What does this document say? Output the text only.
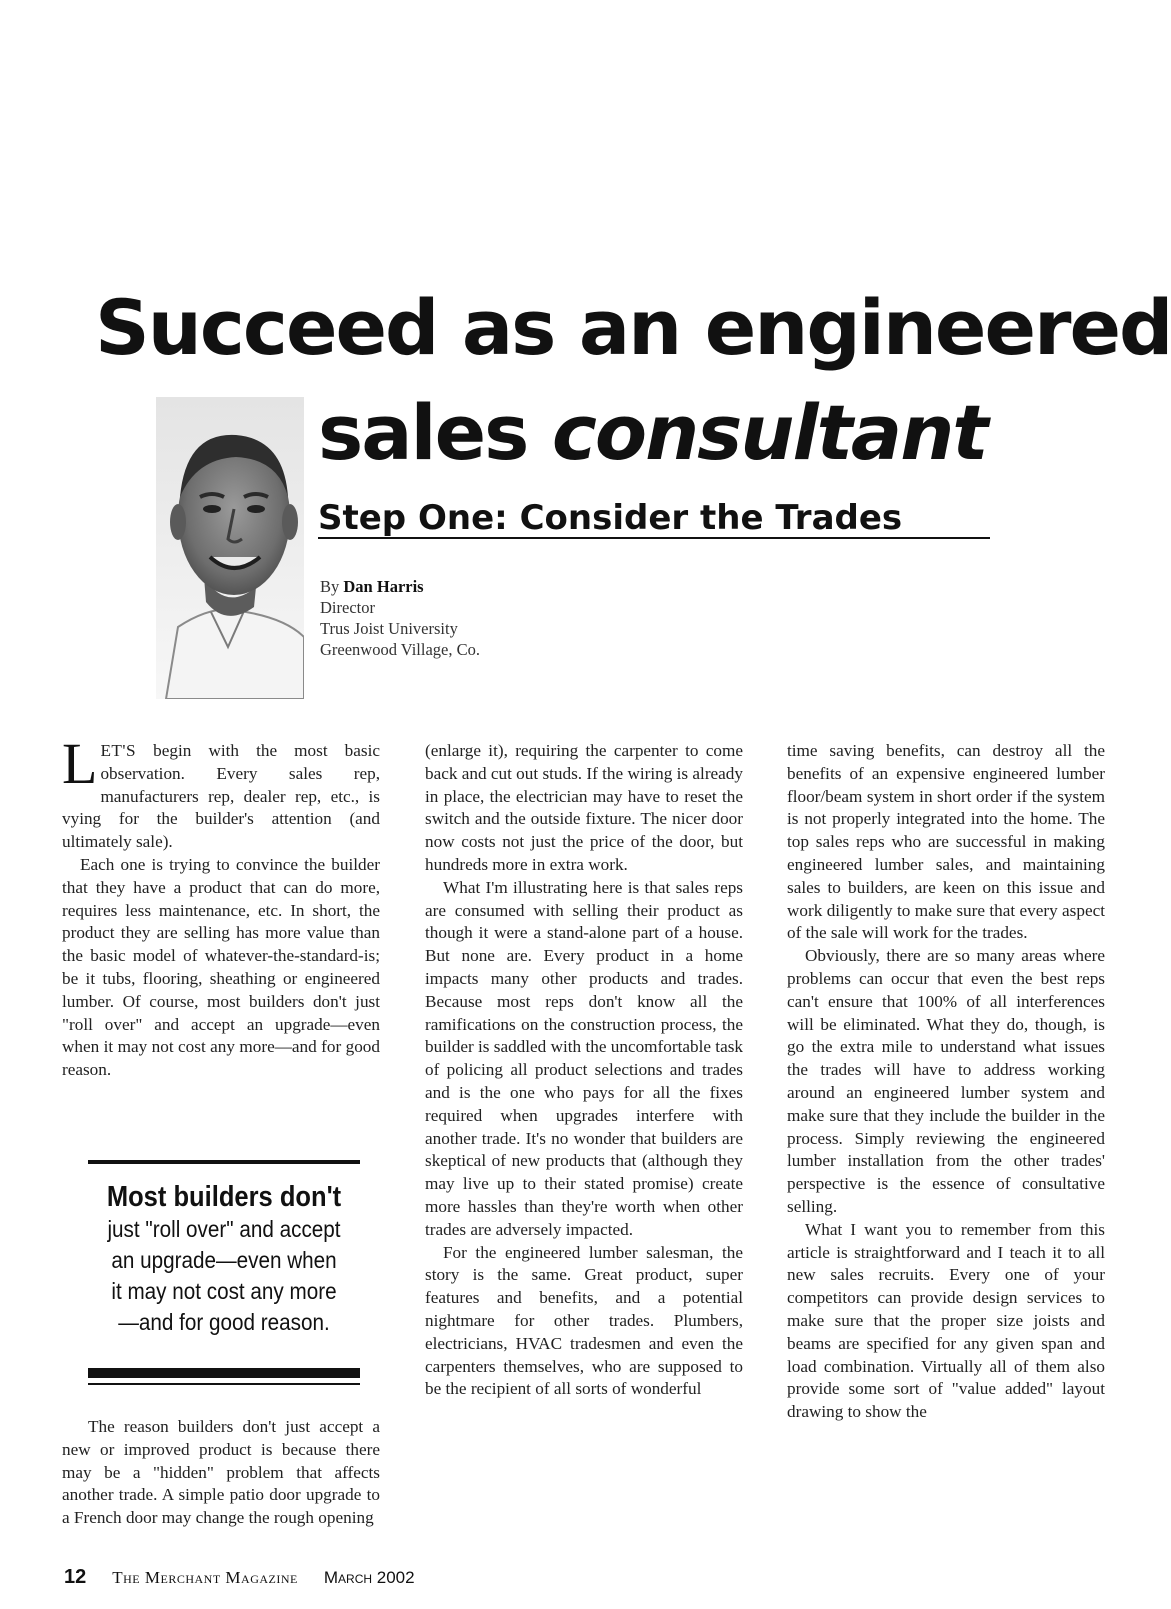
Succeed as an engineered
sales consultant
Step One: Consider the Trades
By Dan Harris
Director
Trus Joist University
Greenwood Village, Co.

LET'S begin with the most basic observation. Every sales rep, manufacturers rep, dealer rep, etc., is vying for the builder's attention (and ultimately sale).

Each one is trying to convince the builder that they have a product that can do more, requires less maintenance, etc. In short, the product they are selling has more value than the basic model of whatever-the-standard-is; be it tubs, flooring, sheathing or engineered lumber. Of course, most builders don't just "roll over" and accept an upgrade—even when it may not cost any more—and for good reason.

Most builders don't
just "roll over" and accept an upgrade—even when it may not cost any more—and for good reason.

The reason builders don't just accept a new or improved product is because there may be a "hidden" problem that affects another trade. A simple patio door upgrade to a French door may change the rough opening

(enlarge it), requiring the carpenter to come back and cut out studs. If the wiring is already in place, the electrician may have to reset the switch and the outside fixture. The nicer door now costs not just the price of the door, but hundreds more in extra work.

What I'm illustrating here is that sales reps are consumed with selling their product as though it were a stand-alone part of a house. But none are. Every product in a home impacts many other products and trades. Because most reps don't know all the ramifications on the construction process, the builder is saddled with the uncomfortable task of policing all product selections and trades and is the one who pays for all the fixes required when upgrades interfere with another trade. It's no wonder that builders are skeptical of new products that (although they may live up to their stated promise) create more hassles than they're worth when other trades are adversely impacted.

For the engineered lumber salesman, the story is the same. Great product, super features and benefits, and a potential nightmare for other trades. Plumbers, electricians, HVAC tradesmen and even the carpenters themselves, who are supposed to be the recipient of all sorts of wonderful

time saving benefits, can destroy all the benefits of an expensive engineered lumber floor/beam system in short order if the system is not properly integrated into the home. The top sales reps who are successful in making engineered lumber sales, and maintaining sales to builders, are keen on this issue and work diligently to make sure that every aspect of the sale will work for the trades.

Obviously, there are so many areas where problems can occur that even the best reps can't ensure that 100% of all interferences will be eliminated. What they do, though, is go the extra mile to understand what issues the trades will have to address working around an engineered lumber system and make sure that they include the builder in the process. Simply reviewing the engineered lumber installation from the other trades' perspective is the essence of consultative selling.

What I want you to remember from this article is straightforward and I teach it to all new sales recruits. Every one of your competitors can provide design services to make sure that the proper size joists and beams are specified for any given span and load combination. Virtually all of them also provide some sort of "value added" layout drawing to show the

12 The Merchant Magazine March 2002
